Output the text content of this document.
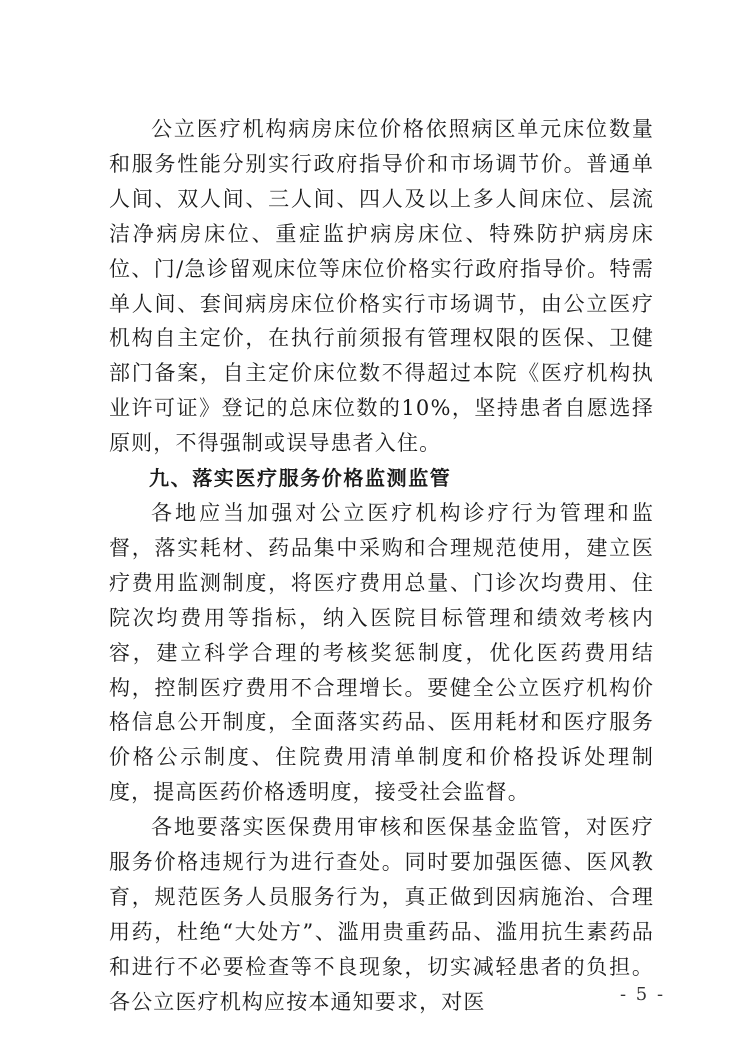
公立医疗机构病房床位价格依照病区单元床位数量和服务性能分别实行政府指导价和市场调节价。普通单人间、双人间、三人间、四人及以上多人间床位、层流洁净病房床位、重症监护病房床位、特殊防护病房床位、门/急诊留观床位等床位价格实行政府指导价。特需单人间、套间病房床位价格实行市场调节，由公立医疗机构自主定价，在执行前须报有管理权限的医保、卫健部门备案，自主定价床位数不得超过本院《医疗机构执业许可证》登记的总床位数的10%，坚持患者自愿选择原则，不得强制或误导患者入住。

九、落实医疗服务价格监测监管

各地应当加强对公立医疗机构诊疗行为管理和监督，落实耗材、药品集中采购和合理规范使用，建立医疗费用监测制度，将医疗费用总量、门诊次均费用、住院次均费用等指标，纳入医院目标管理和绩效考核内容，建立科学合理的考核奖惩制度，优化医药费用结构，控制医疗费用不合理增长。要健全公立医疗机构价格信息公开制度，全面落实药品、医用耗材和医疗服务价格公示制度、住院费用清单制度和价格投诉处理制度，提高医药价格透明度，接受社会监督。

各地要落实医保费用审核和医保基金监管，对医疗服务价格违规行为进行查处。同时要加强医德、医风教育，规范医务人员服务行为，真正做到因病施治、合理用药，杜绝“大处方”、滥用贵重药品、滥用抗生素药品和进行不必要检查等不良现象，切实减轻患者的负担。各公立医疗机构应按本通知要求，对医	- 5 -
